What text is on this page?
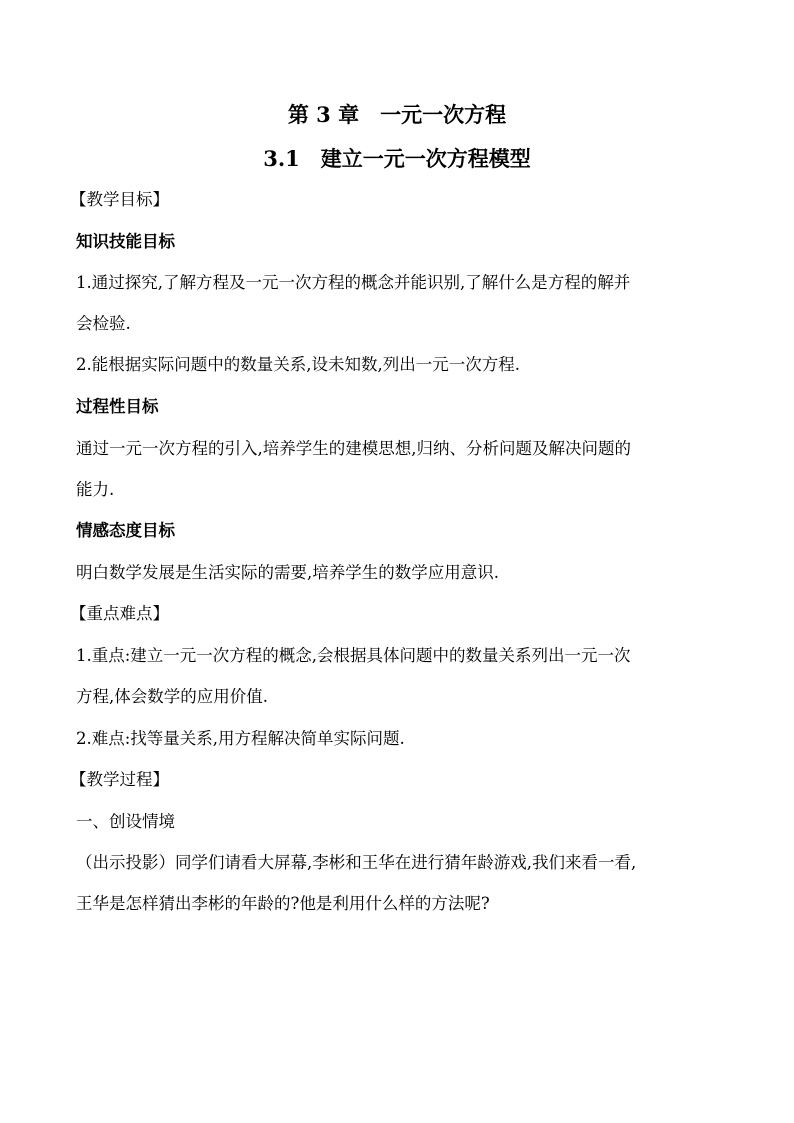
第 3 章　一元一次方程
3.1　建立一元一次方程模型
【教学目标】
知识技能目标
1.通过探究,了解方程及一元一次方程的概念并能识别,了解什么是方程的解并
会检验.
2.能根据实际问题中的数量关系,设未知数,列出一元一次方程.
过程性目标
通过一元一次方程的引入,培养学生的建模思想,归纳、分析问题及解决问题的
能力.
情感态度目标
明白数学发展是生活实际的需要,培养学生的数学应用意识.
【重点难点】
1.重点:建立一元一次方程的概念,会根据具体问题中的数量关系列出一元一次
方程,体会数学的应用价值.
2.难点:找等量关系,用方程解决简单实际问题.
【教学过程】
一、创设情境
（出示投影）同学们请看大屏幕,李彬和王华在进行猜年龄游戏,我们来看一看,
王华是怎样猜出李彬的年龄的?他是利用什么样的方法呢?
